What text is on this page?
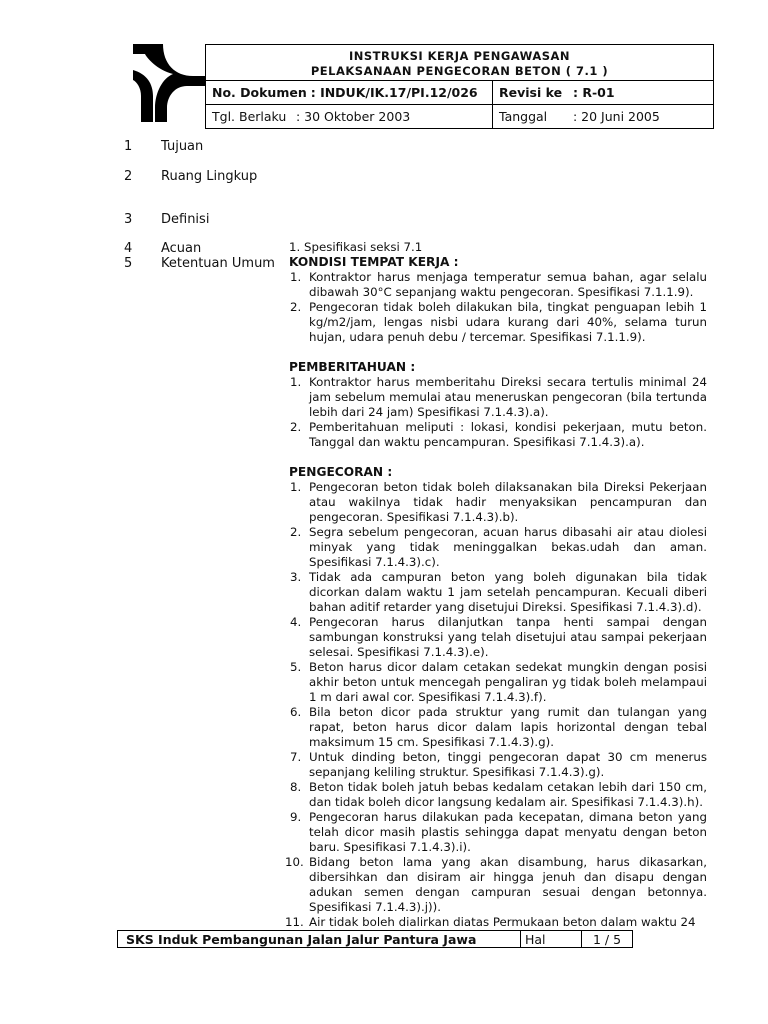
INSTRUKSI KERJA PENGAWASAN
PELAKSANAAN PENGECORAN BETON ( 7.1 )	

No. Dokumen : INDUK/IK.17/PI.12/026	Revisi ke : R-01
Tgl. Berlaku : 30 Oktober 2003	Tanggal : 20 Juni 2005
1 Tujuan
2 Ruang Lingkup
3 Definisi
4 Acuan
5 Ketentuan Umum
1. Spesifikasi seksi 7.1
KONDISI TEMPAT KERJA :
1. Kontraktor harus menjaga temperatur semua bahan, agar selalu dibawah 30°C sepanjang waktu pengecoran. Spesifikasi 7.1.1.9).
2. Pengecoran tidak boleh dilakukan bila, tingkat penguapan lebih 1 kg/m2/jam, lengas nisbi udara kurang dari 40%, selama turun hujan, udara penuh debu / tercemar. Spesifikasi 7.1.1.9).
PEMBERITAHUAN :
1. Kontraktor harus memberitahu Direksi secara tertulis minimal 24 jam sebelum memulai atau meneruskan pengecoran (bila tertunda lebih dari 24 jam) Spesifikasi 7.1.4.3).a).
2. Pemberitahuan meliputi : lokasi, kondisi pekerjaan, mutu beton. Tanggal dan waktu pencampuran. Spesifikasi 7.1.4.3).a).
PENGECORAN :
1. Pengecoran beton tidak boleh dilaksanakan bila Direksi Pekerjaan atau wakilnya tidak hadir menyaksikan pencampuran dan pengecoran. Spesifikasi 7.1.4.3).b).
2. Segra sebelum pengecoran, acuan harus dibasahi air atau diolesi minyak yang tidak meninggalkan bekas.udah dan aman. Spesifikasi 7.1.4.3).c).
3. Tidak ada campuran beton yang boleh digunakan bila tidak dicorkan dalam waktu 1 jam setelah pencampuran. Kecuali diberi bahan aditif retarder yang disetujui Direksi. Spesifikasi 7.1.4.3).d).
4. Pengecoran harus dilanjutkan tanpa henti sampai dengan sambungan konstruksi yang telah disetujui atau sampai pekerjaan selesai. Spesifikasi 7.1.4.3).e).
5. Beton harus dicor dalam cetakan sedekat mungkin dengan posisi akhir beton untuk mencegah pengaliran yg tidak boleh melampaui 1 m dari awal cor. Spesifikasi 7.1.4.3).f).
6. Bila beton dicor pada struktur yang rumit dan tulangan yang rapat, beton harus dicor dalam lapis horizontal dengan tebal maksimum 15 cm. Spesifikasi 7.1.4.3).g).
7. Untuk dinding beton, tinggi pengecoran dapat 30 cm menerus sepanjang keliling struktur. Spesifikasi 7.1.4.3).g).
8. Beton tidak boleh jatuh bebas kedalam cetakan lebih dari 150 cm, dan tidak boleh dicor langsung kedalam air. Spesifikasi 7.1.4.3).h).
9. Pengecoran harus dilakukan pada kecepatan, dimana beton yang telah dicor masih plastis sehingga dapat menyatu dengan beton baru. Spesifikasi 7.1.4.3).i).
10. Bidang beton lama yang akan disambung, harus dikasarkan, dibersihkan dan disiram air hingga jenuh dan disapu dengan adukan semen dengan campuran sesuai dengan betonnya. Spesifikasi 7.1.4.3).j)).
11. Air tidak boleh dialirkan diatas Permukaan beton dalam waktu 24
SKS Induk Pembangunan Jalan Jalur Pantura Jawa	Hal	1 / 5	
